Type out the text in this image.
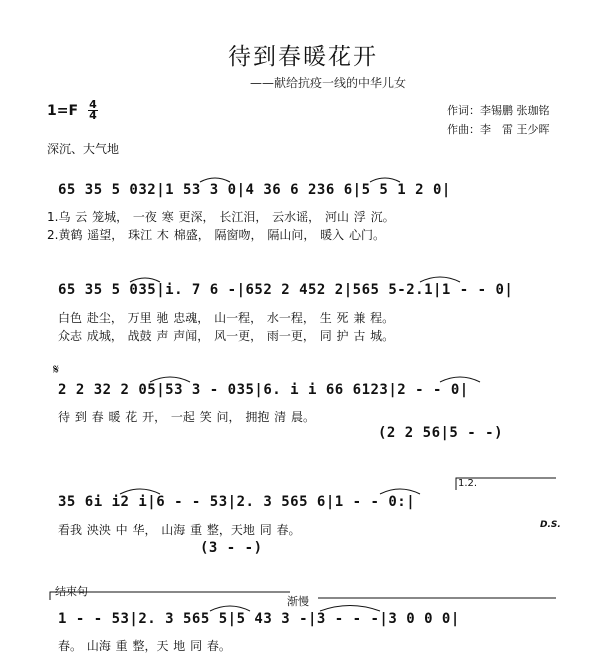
待到春暖花开
——献给抗疫一线的中华儿女
1=F 4
4	作词：李锡鹏 张珈铭
作曲：李　雷 王少晖
深沉、大气地
65 35 5 032|1 53 3 0|4 36 6 236 6|5 5 1 2 0|
1.乌 云 笼城， 一夜 寒 更深， 长江泪， 云水谣， 河山 浮 沉。
2.黄鹤 遥望， 珠江 木 棉盛， 隔窗吻， 隔山问， 暖入 心门。
65 35 5 035|i. 7 6 -|652 2 452 2|565 5-2.1|1 - - 0|
白色 赴尘， 万里 驰 忠魂， 山一程， 水一程， 生 死 兼 程。
众志 成城， 战鼓 声 声闻， 风一更， 雨一更， 同 护 古 城。
𝄋
2 2 32 2 05|53 3 - 035|6. i i 66 6123|2 - - 0|
待 到 春 暖 花 开， 一起 笑 问， 拥抱 清 晨。
(2 2 56|5 - -)
1.2.
35 6i i2 i|6 - - 53|2. 3 565 6|1 - - 0:|
看我 泱泱 中 华， 山海 重 整，天地 同 春。	D.S.
(3 - -)
结束句
渐慢
1 - - 53|2. 3 565 5|5 43 3 -|3 - - -|3 0 0 0|
春。 山海 重 整，天 地 同 春。
